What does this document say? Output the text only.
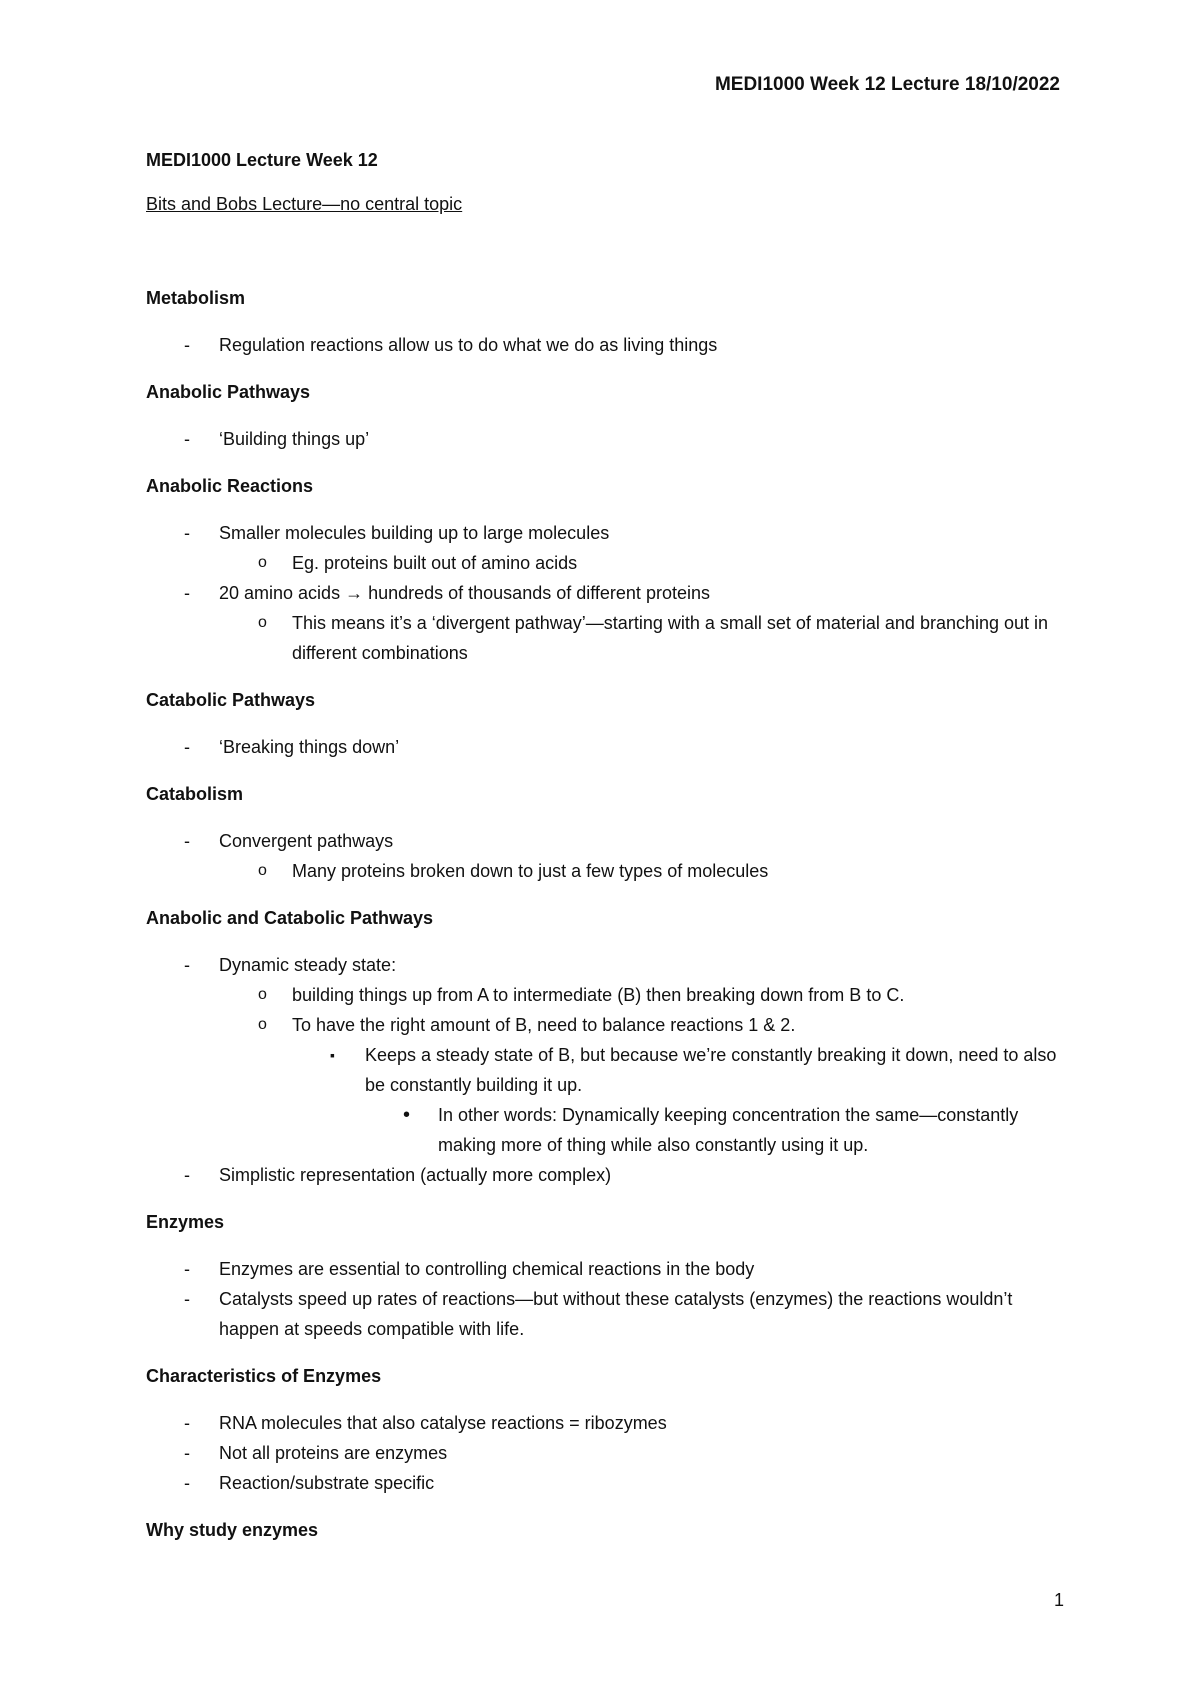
MEDI1000 Week 12 Lecture 18/10/2022
MEDI1000 Lecture Week 12
Bits and Bobs Lecture—no central topic
Metabolism
- Regulation reactions allow us to do what we do as living things
Anabolic Pathways
- ‘Building things up’
Anabolic Reactions
- Smaller molecules building up to large molecules
o Eg. proteins built out of amino acids
- 20 amino acids → hundreds of thousands of different proteins
o This means it’s a ‘divergent pathway’—starting with a small set of material and branching out in different combinations
Catabolic Pathways
- ‘Breaking things down’
Catabolism
- Convergent pathways
o Many proteins broken down to just a few types of molecules
Anabolic and Catabolic Pathways
- Dynamic steady state:
o building things up from A to intermediate (B) then breaking down from B to C.
o To have the right amount of B, need to balance reactions 1 & 2.
▪ Keeps a steady state of B, but because we’re constantly breaking it down, need to also be constantly building it up.
• In other words: Dynamically keeping concentration the same—constantly making more of thing while also constantly using it up.
- Simplistic representation (actually more complex)
Enzymes
- Enzymes are essential to controlling chemical reactions in the body
- Catalysts speed up rates of reactions—but without these catalysts (enzymes) the reactions wouldn’t happen at speeds compatible with life.
Characteristics of Enzymes
- RNA molecules that also catalyse reactions = ribozymes
- Not all proteins are enzymes
- Reaction/substrate specific
Why study enzymes
1
